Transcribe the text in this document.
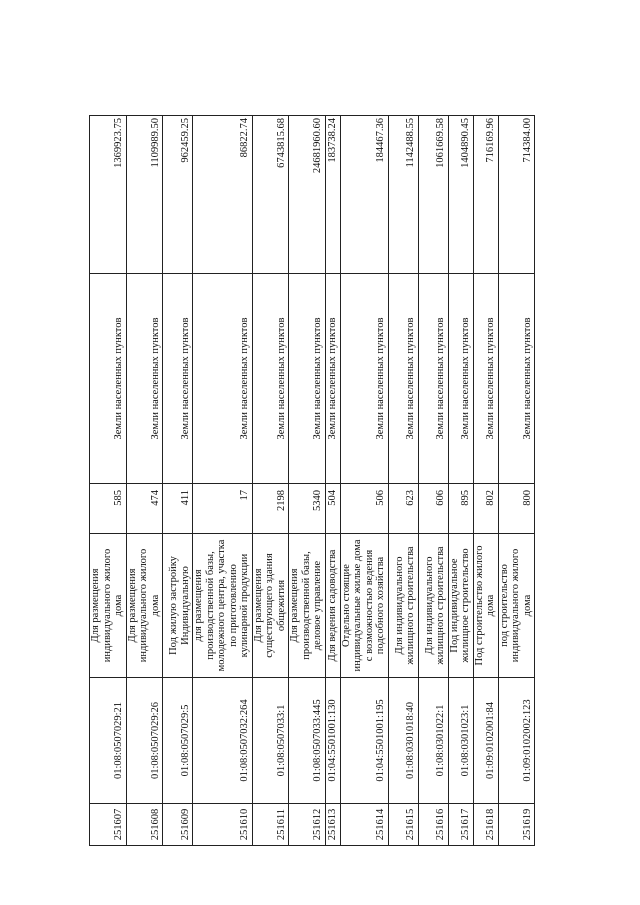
251607	01:08:0507029:21	Для размещения индивидуального жилого дома	585	Земли населенных пунктов	1369923.75
251608	01:08:0507029:26	Для размещения индивидуального жилого дома	474	Земли населенных пунктов	1109989.50
251609	01:08:0507029:5	Под жилую застройку Индивидуальную	411	Земли населенных пунктов	962459.25
251610	01:08:0507032:264	для размещения производственной базы, молодежного центра, участка по приготовлению кулинарной продукции	17	Земли населенных пунктов	86822.74
251611	01:08:0507033:1	Для размещения существующего здания общежития	2198	Земли населенных пунктов	6743815.68
251612	01:08:0507033:445	Для размещения производственной базы, деловое управление	5340	Земли населенных пунктов	24681960.60
251613	01:04:5501001:130	Для ведения садоводства	504	Земли населенных пунктов	183738.24
251614	01:04:5501001:195	Отдельно стоящие индивидуальные жилые дома с возможностью ведения подсобного хозяйства	506	Земли населенных пунктов	184467.36
251615	01:08:0301018:40	Для индивидуального жилищного строительства	623	Земли населенных пунктов	1142488.55
251616	01:08:0301022:1	Для индивидуального жилищного строительства	606	Земли населенных пунктов	1061669.58
251617	01:08:0301023:1	Под индивидуальное жилищное строительство	895	Земли населенных пунктов	1404890.45
251618	01:09:0102001:84	Под строительство жилого дома	802	Земли населенных пунктов	716169.96
251619	01:09:0102002:123	под строительство индивидуального жилого дома	800	Земли населенных пунктов	714384.00
